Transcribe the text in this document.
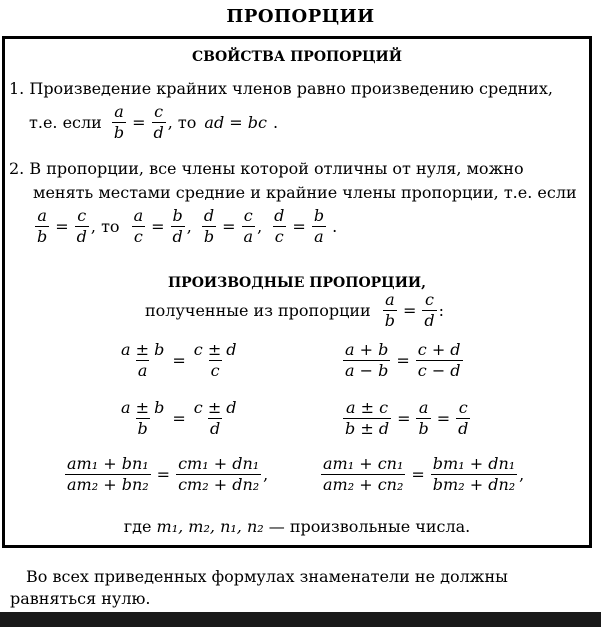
ПРОПОРЦИИ
СВОЙСТВА ПРОПОРЦИЙ
1. Произведение крайних членов равно произведению средних,
т.е. если $\frac{a}{b} = \frac{c}{d}$ , то ad = bc .
2. В пропорции, все члены которой отличны от нуля, можно
менять местами средние и крайние члены пропорции, т.е. если
$\frac{a}{b} = \frac{c}{d}$ , то $\frac{a}{c} = \frac{b}{d}$ , $\frac{d}{b} = \frac{c}{a}$ , $\frac{d}{c} = \frac{b}{a}$ .
ПРОИЗВОДНЫЕ ПРОПОРЦИИ,
полученные из пропорции $\frac{a}{b} = \frac{c}{d}$ :
$\frac{a \pm b}{a} = \frac{c \pm d}{c}$	$\frac{a + b}{a - b} = \frac{c + d}{c - d}$
$\frac{a \pm b}{b} = \frac{c \pm d}{d}$	$\frac{a \pm c}{b \pm d} = \frac{a}{b} = \frac{c}{d}$
$\frac{\text{am₁ + bn₁}}{\text{am₂ + bn₂}} = \frac{\text{cm₁ + dn₁}}{\text{cm₂ + dn₂}}$ ,	$\frac{\text{am₁ + cn₁}}{\text{am₂ + cn₂}} = \frac{\text{bm₁ + dn₁}}{\text{bm₂ + dn₂}}$ ,
где m₁, m₂, n₁, n₂ — произвольные числа.
Во всех приведенных формулах знаменатели не должны равняться нулю.
